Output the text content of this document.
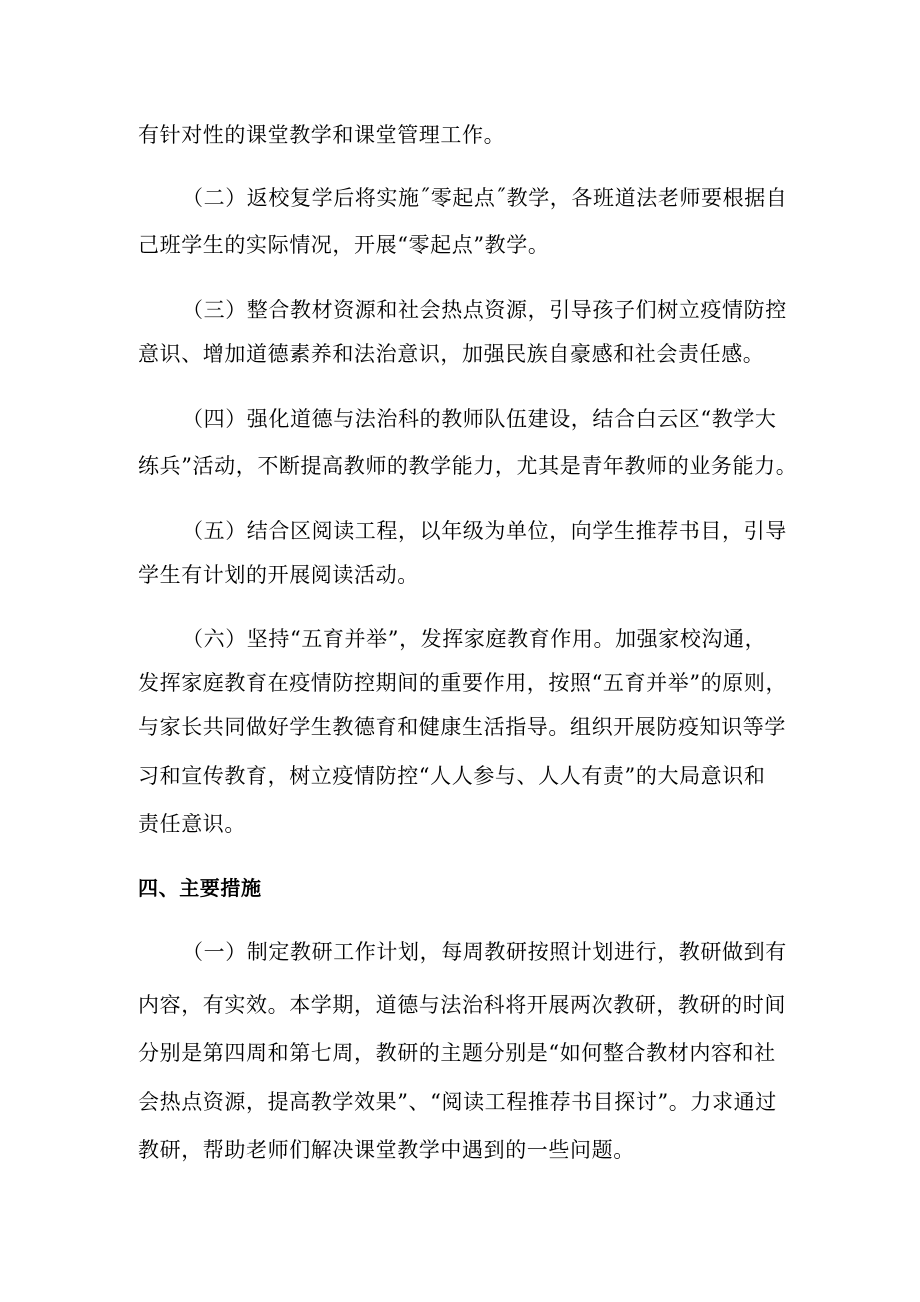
有针对性的课堂教学和课堂管理工作。
（二）返校复学后将实施˝零起点˝教学，各班道法老师要根据自
己班学生的实际情况，开展“零起点”教学。
（三）整合教材资源和社会热点资源，引导孩子们树立疫情防控
意识、增加道德素养和法治意识，加强民族自豪感和社会责任感。
（四）强化道德与法治科的教师队伍建设，结合白云区“教学大
练兵”活动，不断提高教师的教学能力，尤其是青年教师的业务能力。
（五）结合区阅读工程，以年级为单位，向学生推荐书目，引导
学生有计划的开展阅读活动。
（六）坚持“五育并举”，发挥家庭教育作用。加强家校沟通，
发挥家庭教育在疫情防控期间的重要作用，按照“五育并举”的原则，
与家长共同做好学生教德育和健康生活指导。组织开展防疫知识等学
习和宣传教育，树立疫情防控“人人参与、人人有责”的大局意识和
责任意识。
四、主要措施
（一）制定教研工作计划，每周教研按照计划进行，教研做到有
内容，有实效。本学期，道德与法治科将开展两次教研，教研的时间
分别是第四周和第七周，教研的主题分别是“如何整合教材内容和社
会热点资源，提高教学效果”、“阅读工程推荐书目探讨”。力求通过
教研，帮助老师们解决课堂教学中遇到的一些问题。
